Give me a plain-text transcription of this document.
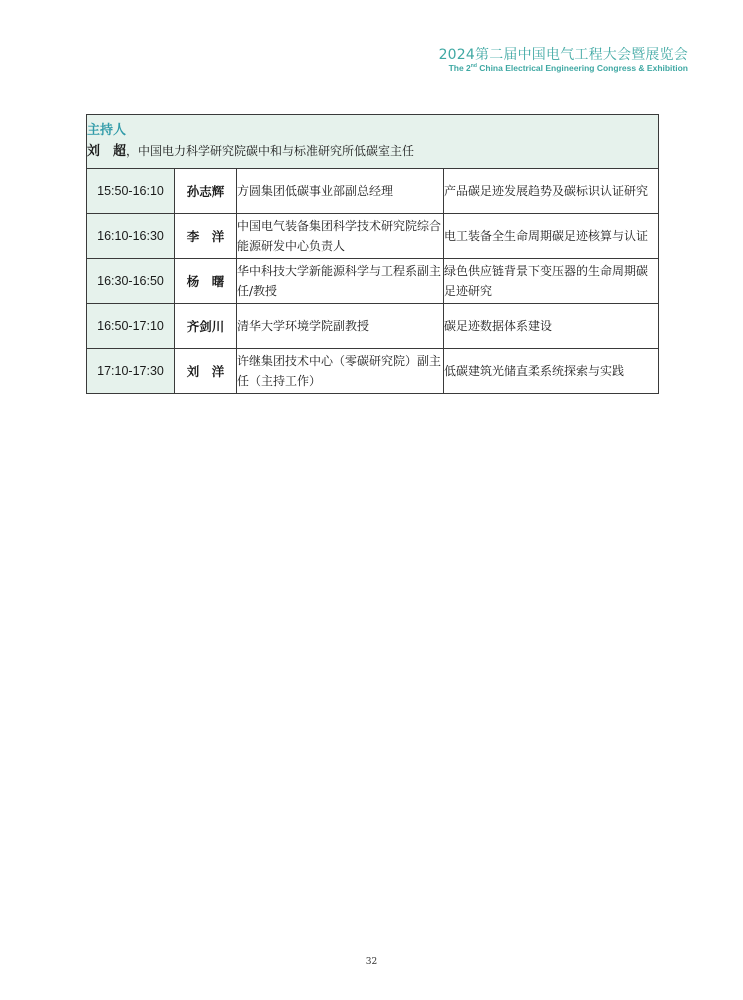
2024第二届中国电气工程大会暨展览会
The 2nd China Electrical Engineering Congress & Exhibition
主持人
刘　超，中国电力科学研究院碳中和与标准研究所低碳室主任			

15:50-16:10	孙志辉	方圆集团低碳事业部副总经理	产品碳足迹发展趋势及碳标识认证研究
16:10-16:30	李　洋	中国电气装备集团科学技术研究院综合能源研发中心负责人	电工装备全生命周期碳足迹核算与认证
16:30-16:50	杨　曙	华中科技大学新能源科学与工程系副主任/教授	绿色供应链背景下变压器的生命周期碳足迹研究
16:50-17:10	齐剑川	清华大学环境学院副教授	碳足迹数据体系建设
17:10-17:30	刘　洋	许继集团技术中心（零碳研究院）副主任（主持工作）	低碳建筑光储直柔系统探索与实践
32
